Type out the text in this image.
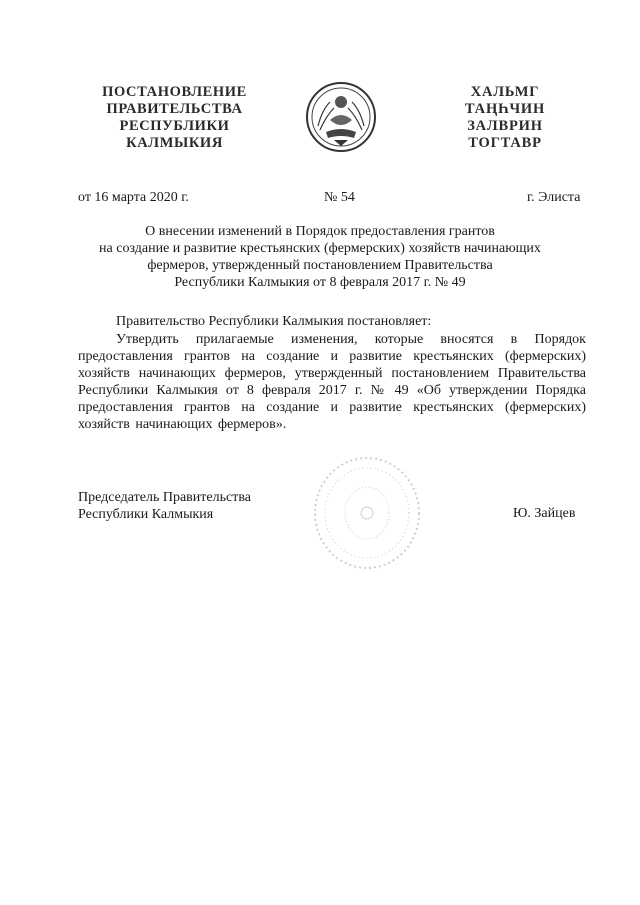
ПОСТАНОВЛЕНИЕ
ПРАВИТЕЛЬСТВА
РЕСПУБЛИКИ
КАЛМЫКИЯ
ХАЛЬМГ
ТАҢҺЧИН
ЗАЛВРИН
ТОГТАВР
от 16 марта 2020 г.	№ 54	г. Элиста
О внесении изменений в Порядок предоставления грантов
на создание и развитие крестьянских (фермерских) хозяйств начинающих
фермеров, утвержденный постановлением Правительства
Республики Калмыкия от 8 февраля 2017 г. № 49
Правительство Республики Калмыкия постановляет:
Утвердить прилагаемые изменения, которые вносятся в Порядок предоставления грантов на создание и развитие крестьянских (фермерских) хозяйств начинающих фермеров, утвержденный постановлением Правительства Республики Калмыкия от 8 февраля 2017 г. № 49 «Об утверждении Порядка предоставления грантов на создание и развитие крестьянских (фермерских) хозяйств начинающих фермеров».
Председатель Правительства
Республики Калмыкия	Ю. Зайцев
